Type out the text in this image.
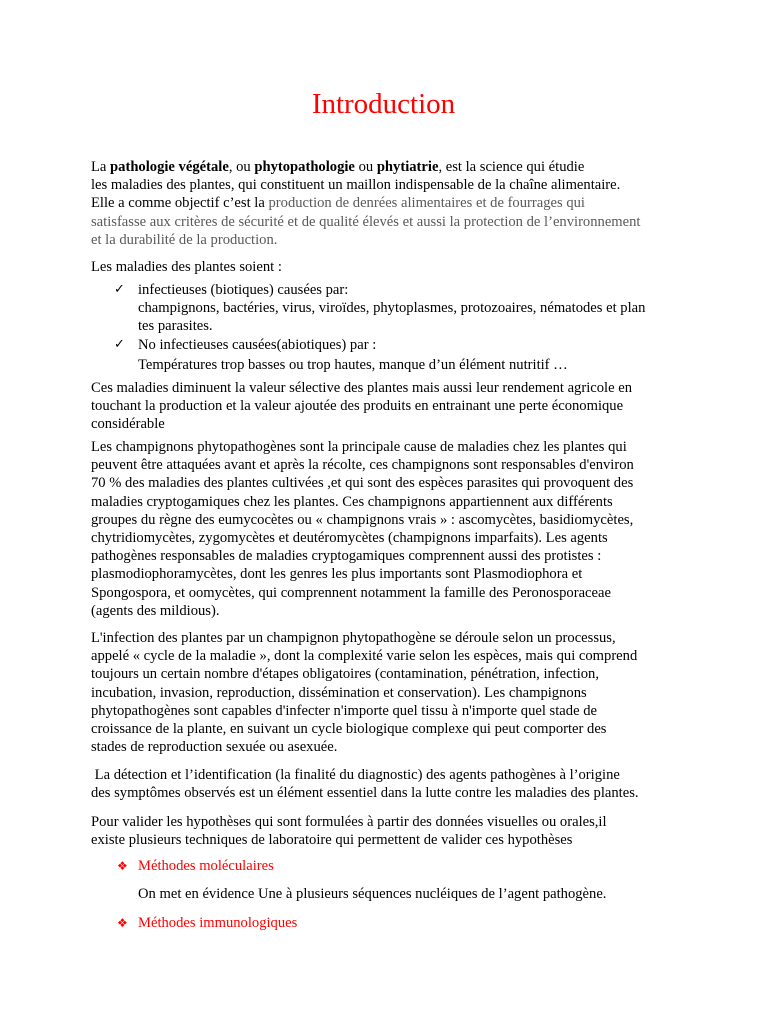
Introduction

La pathologie végétale, ou phytopathologie ou phytiatrie, est la science qui étudie

les maladies des plantes, qui constituent un maillon indispensable de la chaîne alimentaire.

Elle a comme objectif c’est la production de denrées alimentaires et de fourrages qui

satisfasse aux critères de sécurité et de qualité élevés et aussi la protection de l’environnement

et la durabilité de la production.

Les maladies des plantes soient :

✓ infectieuses (biotiques) causées par:
champignons, bactéries, virus, viroïdes, phytoplasmes, protozoaires, nématodes et plan
tes parasites.
✓ No infectieuses causées(abiotiques) par :

Températures trop basses ou trop hautes, manque d’un élément nutritif …

Ces maladies diminuent la valeur sélective des plantes mais aussi leur rendement agricole en

touchant la production et la valeur ajoutée des produits en entrainant une perte économique

considérable

Les champignons phytopathogènes sont la principale cause de maladies chez les plantes qui

peuvent être attaquées avant et après la récolte, ces champignons sont responsables d'environ

70 % des maladies des plantes cultivées ,et qui sont des espèces parasites qui provoquent des

maladies cryptogamiques chez les plantes. Ces champignons appartiennent aux différents

groupes du règne des eumycocètes ou « champignons vrais » : ascomycètes, basidiomycètes,

chytridiomycètes, zygomycètes et deutéromycètes (champignons imparfaits). Les agents

pathogènes responsables de maladies cryptogamiques comprennent aussi des protistes :

plasmodiophoramycètes, dont les genres les plus importants sont Plasmodiophora et

Spongospora, et oomycètes, qui comprennent notamment la famille des Peronosporaceae

(agents des mildious).

L'infection des plantes par un champignon phytopathogène se déroule selon un processus,

appelé « cycle de la maladie », dont la complexité varie selon les espèces, mais qui comprend

toujours un certain nombre d'étapes obligatoires (contamination, pénétration, infection,

incubation, invasion, reproduction, dissémination et conservation). Les champignons

phytopathogènes sont capables d'infecter n'importe quel tissu à n'importe quel stade de

croissance de la plante, en suivant un cycle biologique complexe qui peut comporter des

stades de reproduction sexuée ou asexuée.

La détection et l’identification (la finalité du diagnostic) des agents pathogènes à l’origine

des symptômes observés est un élément essentiel dans la lutte contre les maladies des plantes.

Pour valider les hypothèses qui sont formulées à partir des données visuelles ou orales,il

existe plusieurs techniques de laboratoire qui permettent de valider ces hypothèses

❖ Méthodes moléculaires

On met en évidence Une à plusieurs séquences nucléiques de l’agent pathogène.

❖ Méthodes immunologiques
